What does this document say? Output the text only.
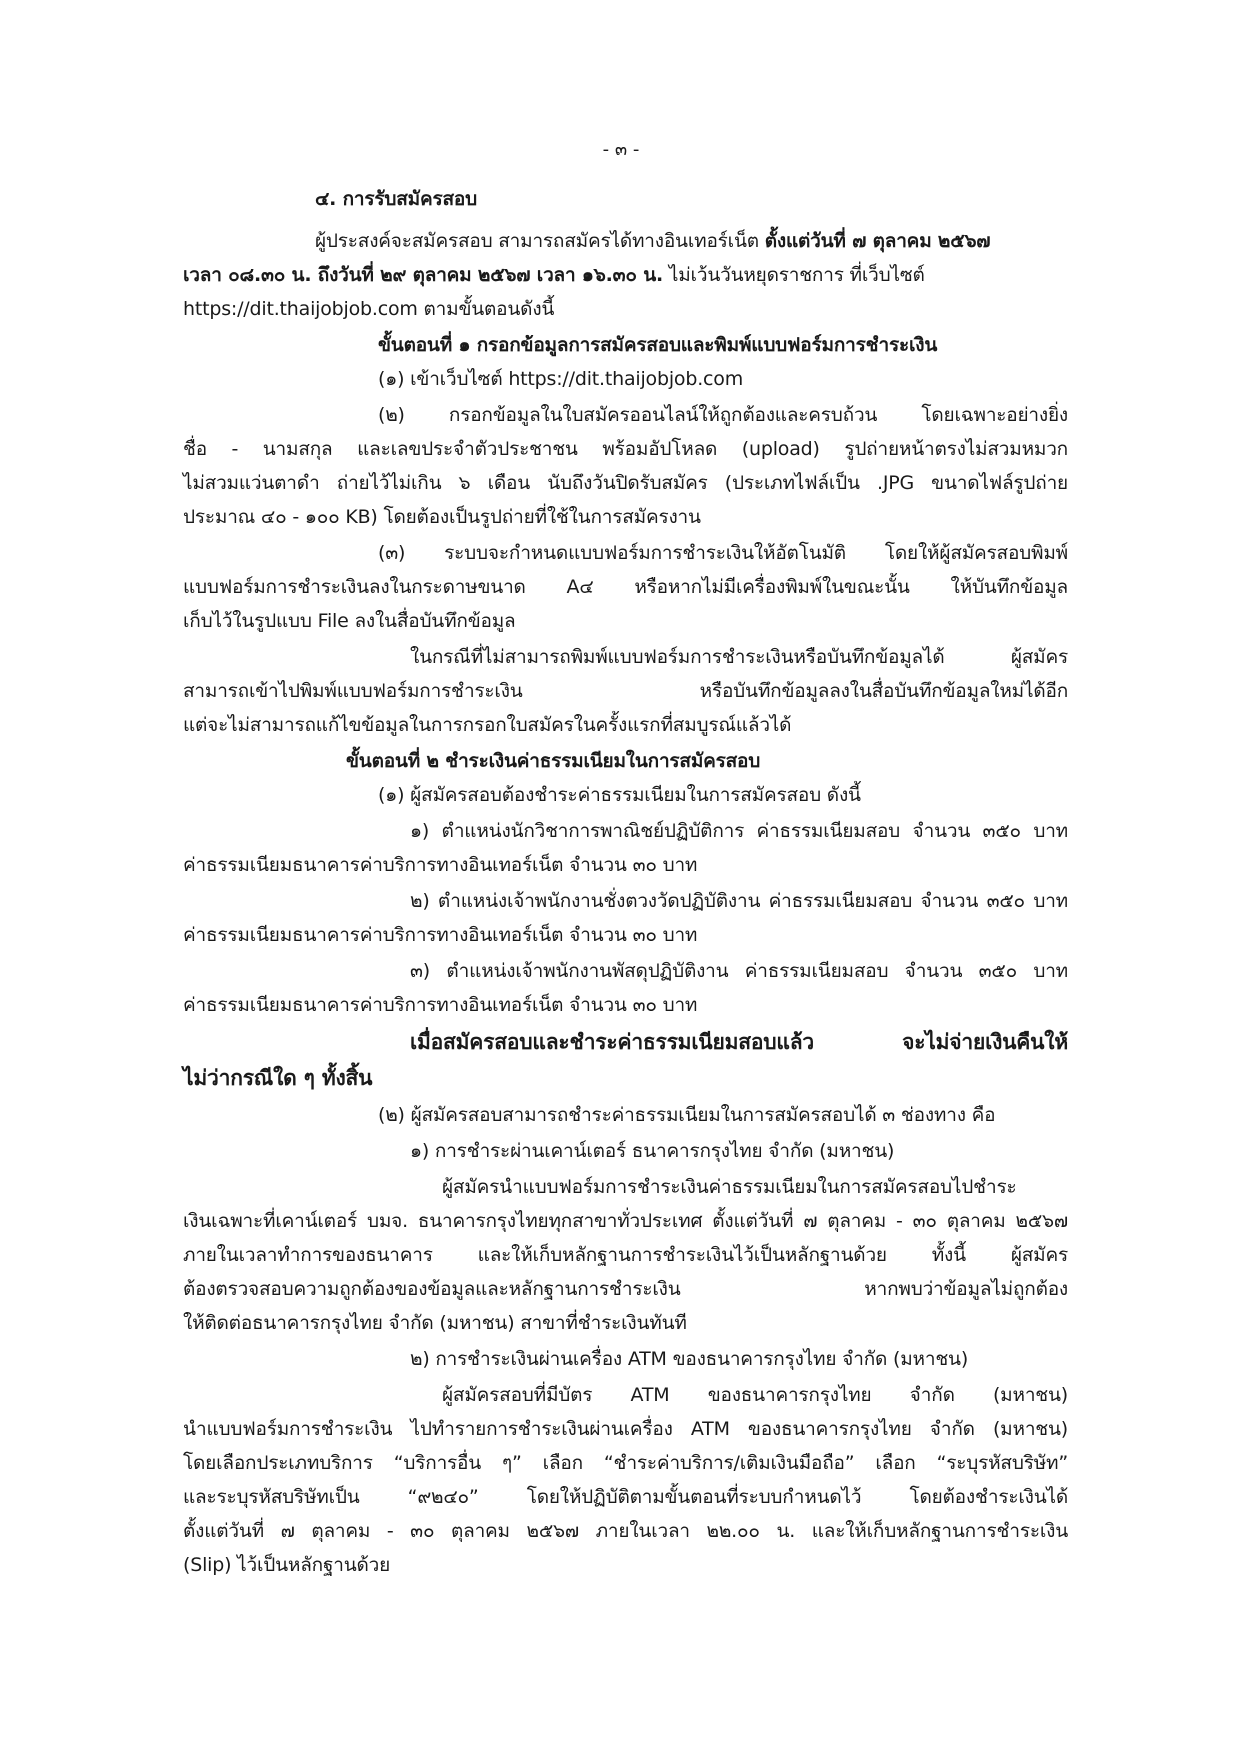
- ๓ -
๔. การรับสมัครสอบ
ผู้ประสงค์จะสมัครสอบ สามารถสมัครได้ทางอินเทอร์เน็ต ตั้งแต่วันที่ ๗ ตุลาคม ๒๕๖๗
เวลา ๐๘.๓๐ น. ถึงวันที่ ๒๙ ตุลาคม ๒๕๖๗ เวลา ๑๖.๓๐ น. ไม่เว้นวันหยุดราชการ ที่เว็บไซต์
https://dit.thaijobjob.com ตามขั้นตอนดังนี้
ขั้นตอนที่ ๑ กรอกข้อมูลการสมัครสอบและพิมพ์แบบฟอร์มการชำระเงิน
(๑) เข้าเว็บไซต์ https://dit.thaijobjob.com
(๒) กรอกข้อมูลในใบสมัครออนไลน์ให้ถูกต้องและครบถ้วน โดยเฉพาะอย่างยิ่ง
ชื่อ - นามสกุล และเลขประจำตัวประชาชน พร้อมอัปโหลด (upload) รูปถ่ายหน้าตรงไม่สวมหมวก
ไม่สวมแว่นตาดำ ถ่ายไว้ไม่เกิน ๖ เดือน นับถึงวันปิดรับสมัคร (ประเภทไฟล์เป็น .JPG ขนาดไฟล์รูปถ่าย
ประมาณ ๔๐ - ๑๐๐ KB) โดยต้องเป็นรูปถ่ายที่ใช้ในการสมัครงาน
(๓) ระบบจะกำหนดแบบฟอร์มการชำระเงินให้อัตโนมัติ โดยให้ผู้สมัครสอบพิมพ์
แบบฟอร์มการชำระเงินลงในกระดาษขนาด A๔ หรือหากไม่มีเครื่องพิมพ์ในขณะนั้น ให้บันทึกข้อมูล
เก็บไว้ในรูปแบบ File ลงในสื่อบันทึกข้อมูล
ในกรณีที่ไม่สามารถพิมพ์แบบฟอร์มการชำระเงินหรือบันทึกข้อมูลได้ ผู้สมัคร
สามารถเข้าไปพิมพ์แบบฟอร์มการชำระเงิน หรือบันทึกข้อมูลลงในสื่อบันทึกข้อมูลใหม่ได้อีก
แต่จะไม่สามารถแก้ไขข้อมูลในการกรอกใบสมัครในครั้งแรกที่สมบูรณ์แล้วได้
ขั้นตอนที่ ๒ ชำระเงินค่าธรรมเนียมในการสมัครสอบ
(๑) ผู้สมัครสอบต้องชำระค่าธรรมเนียมในการสมัครสอบ ดังนี้
๑) ตำแหน่งนักวิชาการพาณิชย์ปฏิบัติการ ค่าธรรมเนียมสอบ จำนวน ๓๕๐ บาท
ค่าธรรมเนียมธนาคารค่าบริการทางอินเทอร์เน็ต จำนวน ๓๐ บาท
๒) ตำแหน่งเจ้าพนักงานชั่งตวงวัดปฏิบัติงาน ค่าธรรมเนียมสอบ จำนวน ๓๕๐ บาท
ค่าธรรมเนียมธนาคารค่าบริการทางอินเทอร์เน็ต จำนวน ๓๐ บาท
๓) ตำแหน่งเจ้าพนักงานพัสดุปฏิบัติงาน ค่าธรรมเนียมสอบ จำนวน ๓๕๐ บาท
ค่าธรรมเนียมธนาคารค่าบริการทางอินเทอร์เน็ต จำนวน ๓๐ บาท
เมื่อสมัครสอบและชำระค่าธรรมเนียมสอบแล้ว จะไม่จ่ายเงินคืนให้
ไม่ว่ากรณีใด ๆ ทั้งสิ้น
(๒) ผู้สมัครสอบสามารถชำระค่าธรรมเนียมในการสมัครสอบได้ ๓ ช่องทาง คือ
๑) การชำระผ่านเคาน์เตอร์ ธนาคารกรุงไทย จำกัด (มหาชน)
ผู้สมัครนำแบบฟอร์มการชำระเงินค่าธรรมเนียมในการสมัครสอบไปชำระ
เงินเฉพาะที่เคาน์เตอร์ บมจ. ธนาคารกรุงไทยทุกสาขาทั่วประเทศ ตั้งแต่วันที่ ๗ ตุลาคม - ๓๐ ตุลาคม ๒๕๖๗
ภายในเวลาทำการของธนาคาร และให้เก็บหลักฐานการชำระเงินไว้เป็นหลักฐานด้วย ทั้งนี้ ผู้สมัคร
ต้องตรวจสอบความถูกต้องของข้อมูลและหลักฐานการชำระเงิน หากพบว่าข้อมูลไม่ถูกต้อง
ให้ติดต่อธนาคารกรุงไทย จำกัด (มหาชน) สาขาที่ชำระเงินทันที
๒) การชำระเงินผ่านเครื่อง ATM ของธนาคารกรุงไทย จำกัด (มหาชน)
ผู้สมัครสอบที่มีบัตร ATM ของธนาคารกรุงไทย จำกัด (มหาชน)
นำแบบฟอร์มการชำระเงิน ไปทำรายการชำระเงินผ่านเครื่อง ATM ของธนาคารกรุงไทย จำกัด (มหาชน)
โดยเลือกประเภทบริการ “บริการอื่น ๆ” เลือก “ชำระค่าบริการ/เติมเงินมือถือ” เลือก “ระบุรหัสบริษัท”
และระบุรหัสบริษัทเป็น “๙๒๔๐” โดยให้ปฏิบัติตามขั้นตอนที่ระบบกำหนดไว้ โดยต้องชำระเงินได้
ตั้งแต่วันที่ ๗ ตุลาคม - ๓๐ ตุลาคม ๒๕๖๗ ภายในเวลา ๒๒.๐๐ น. และให้เก็บหลักฐานการชำระเงิน
(Slip) ไว้เป็นหลักฐานด้วย
